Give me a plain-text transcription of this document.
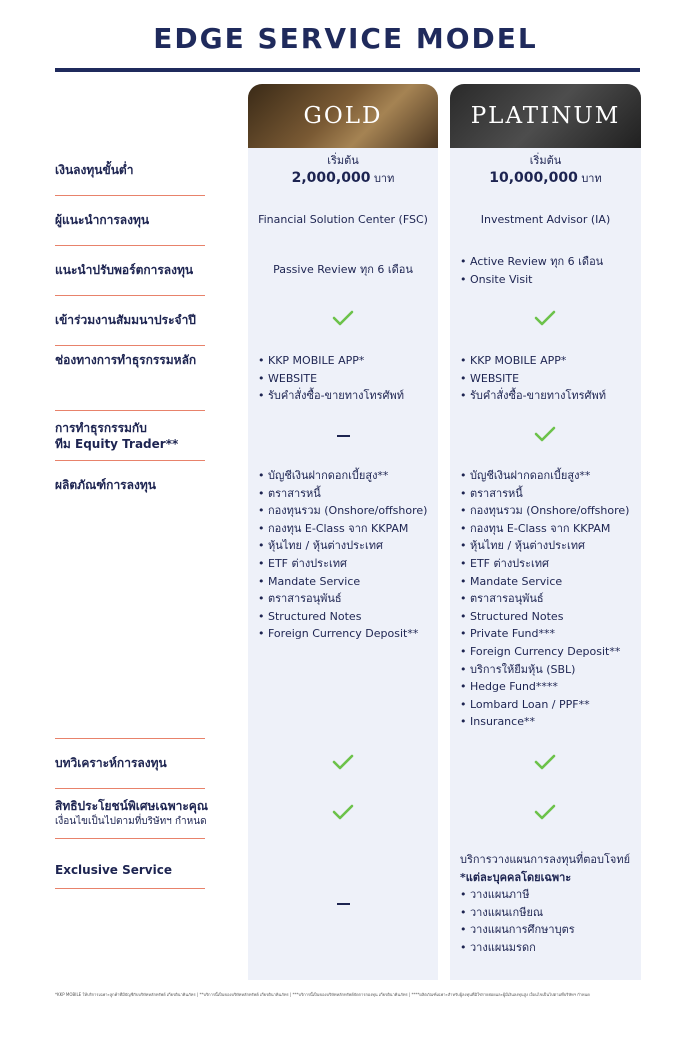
EDGE SERVICE MODEL
GOLD	PLATINUM
เงินลงทุนขั้นต่ำ
เริ่มต้น
2,000,000 บาท
เริ่มต้น
10,000,000 บาท
ผู้แนะนำการลงทุน	Financial Solution Center (FSC)	Investment Advisor (IA)
แนะนำปรับพอร์ตการลงทุน	Passive Review ทุก 6 เดือน
• Active Review ทุก 6 เดือน
• Onsite Visit
เข้าร่วมงานสัมมนาประจำปี
ช่องทางการทำธุรกรรมหลัก
•	KKP MOBILE APP*
• WEBSITE
• รับคำสั่งซื้อ-ขายทางโทรศัพท์
• KKP MOBILE APP*
• WEBSITE
• รับคำสั่งซื้อ-ขายทางโทรศัพท์
การทำธุรกรรมกับ
ทีม Equity Trader**
ผลิตภัณฑ์การลงทุน
• บัญชีเงินฝากดอกเบี้ยสูง**
• ตราสารหนี้
• กองทุนรวม (Onshore/offshore)
• กองทุน E-Class จาก KKPAM
• หุ้นไทย / หุ้นต่างประเทศ
• ETF ต่างประเทศ
• Mandate Service
• ตราสารอนุพันธ์
• Structured Notes
• Foreign Currency Deposit**
• บัญชีเงินฝากดอกเบี้ยสูง**
• ตราสารหนี้
• กองทุนรวม (Onshore/offshore)
• กองทุน E-Class จาก KKPAM
• หุ้นไทย / หุ้นต่างประเทศ
• ETF ต่างประเทศ
• Mandate Service
• ตราสารอนุพันธ์
• Structured Notes
• Private Fund***
• Foreign Currency Deposit**
• บริการให้ยืมหุ้น (SBL)
• Hedge Fund****
• Lombard Loan / PPF**
• Insurance**
บทวิเคราะห์การลงทุน
สิทธิประโยชน์พิเศษเฉพาะคุณ
เงื่อนไขเป็นไปตามที่บริษัทฯ กำหนด
Exclusive Service
บริการวางแผนการลงทุนที่ตอบโจทย์
*แต่ละบุคคลโดยเฉพาะ
• วางแผนภาษี
• วางแผนเกษียณ
• วางแผนการศึกษาบุตร
• วางแผนมรดก
*KKP MOBILE ให้บริการเฉพาะลูกค้าที่มีบัญชีกับบริษัทหลักทรัพย์ เกียรตินาคินภัทร | **บริการนี้เป็นของบริษัทหลักทรัพย์ เกียรตินาคินภัทร | ***บริการนี้เป็นของบริษัทหลักทรัพย์จัดการกองทุน เกียรตินาคินภัทร | ****ผลิตภัณฑ์เฉพาะสำหรับผู้ลงทุนที่มิใช่รายย่อยและผู้มีเงินลงทุนสูง เงื่อนไขเป็นไปตามที่บริษัทฯ กำหนด
